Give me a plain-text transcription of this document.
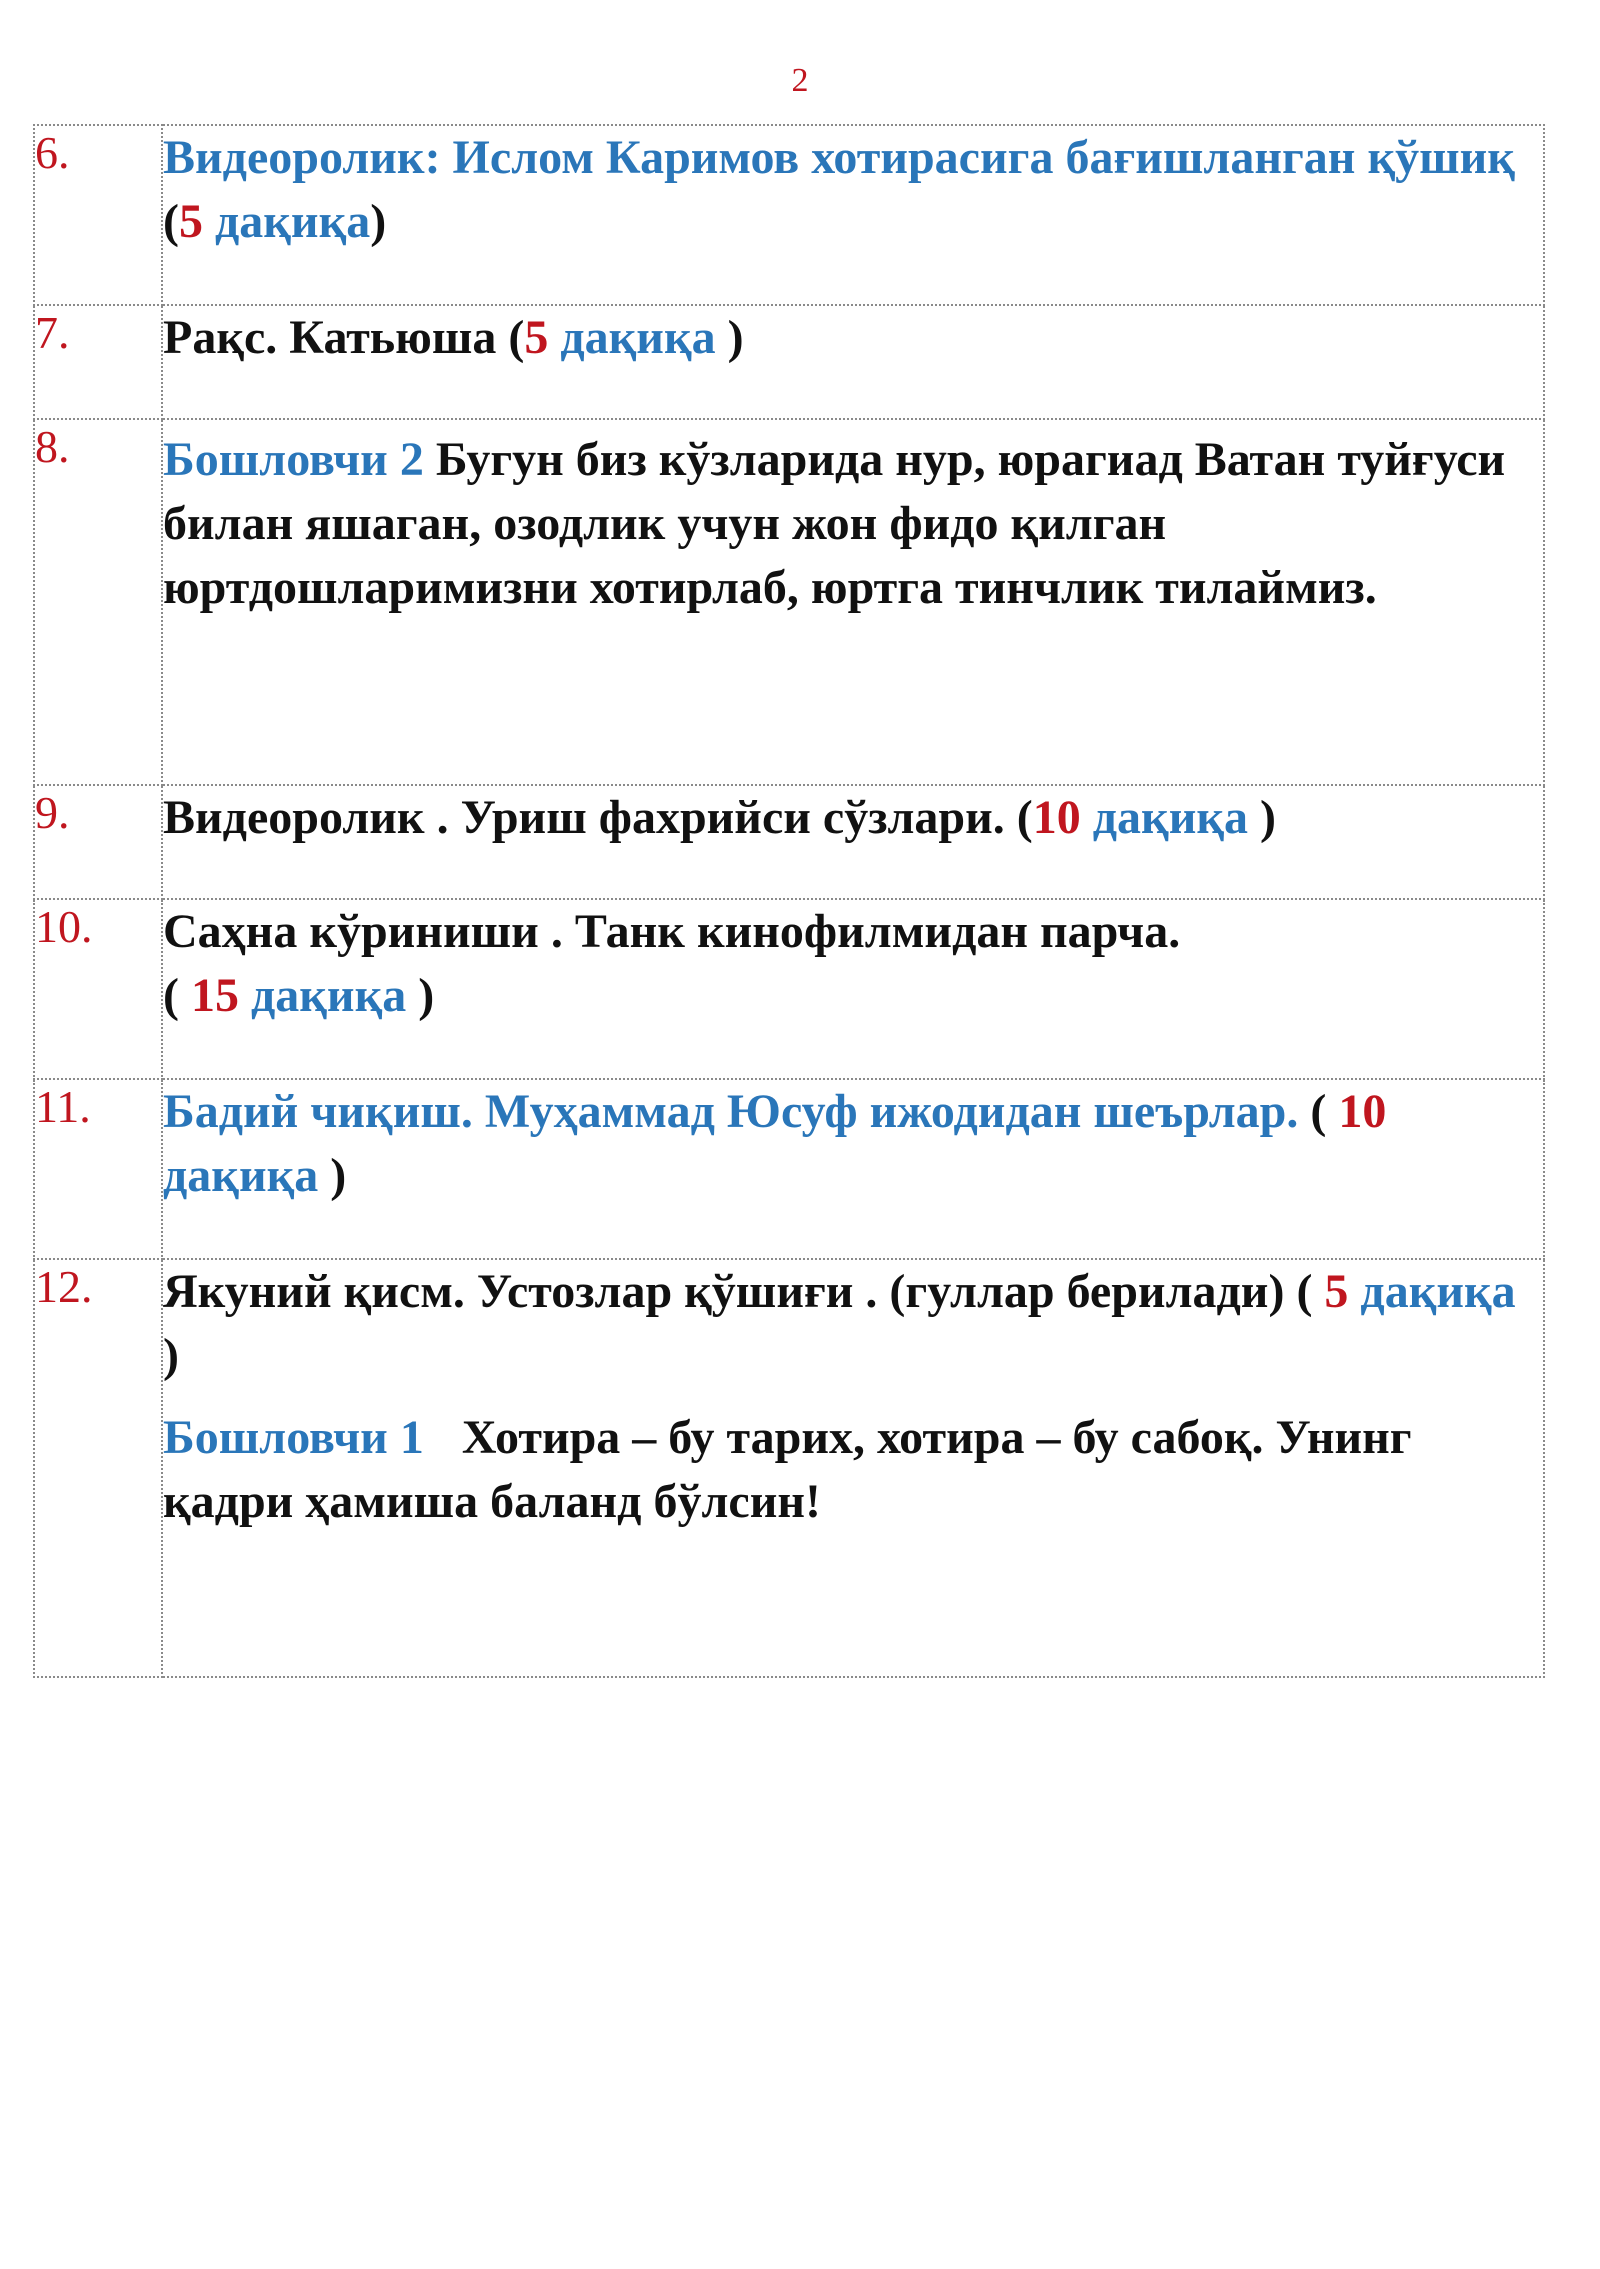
2
6.	Видеоролик: Ислом Каримов хотирасига бағишланган қўшиқ (5 дақиқа)
7.	Рақс. Катьюша (5 дақиқа )
8.	Бошловчи 2 Бугун биз кўзларида нур, юрагиад Ватан туйғуси билан яшаган, озодлик учун жон фидо қилган юртдошларимизни хотирлаб, юртга тинчлик тилаймиз.
9.	Видеоролик . Уриш фахрийси сўзлари. (10 дақиқа )
10.	Саҳна кўриниши . Танк кинофилмидан парча.
( 15 дақиқа )
11.	Бадий чиқиш. Муҳаммад Юсуф ижодидан шеърлар. ( 10 дақиқа )
12.	Якуний қисм. Устозлар қўшиғи . (гуллар берилади) ( 5 дақиқа )
Бошловчи 1 Хотира – бу тарих, хотира – бу сабоқ. Унинг қадри ҳамиша баланд бўлсин!
